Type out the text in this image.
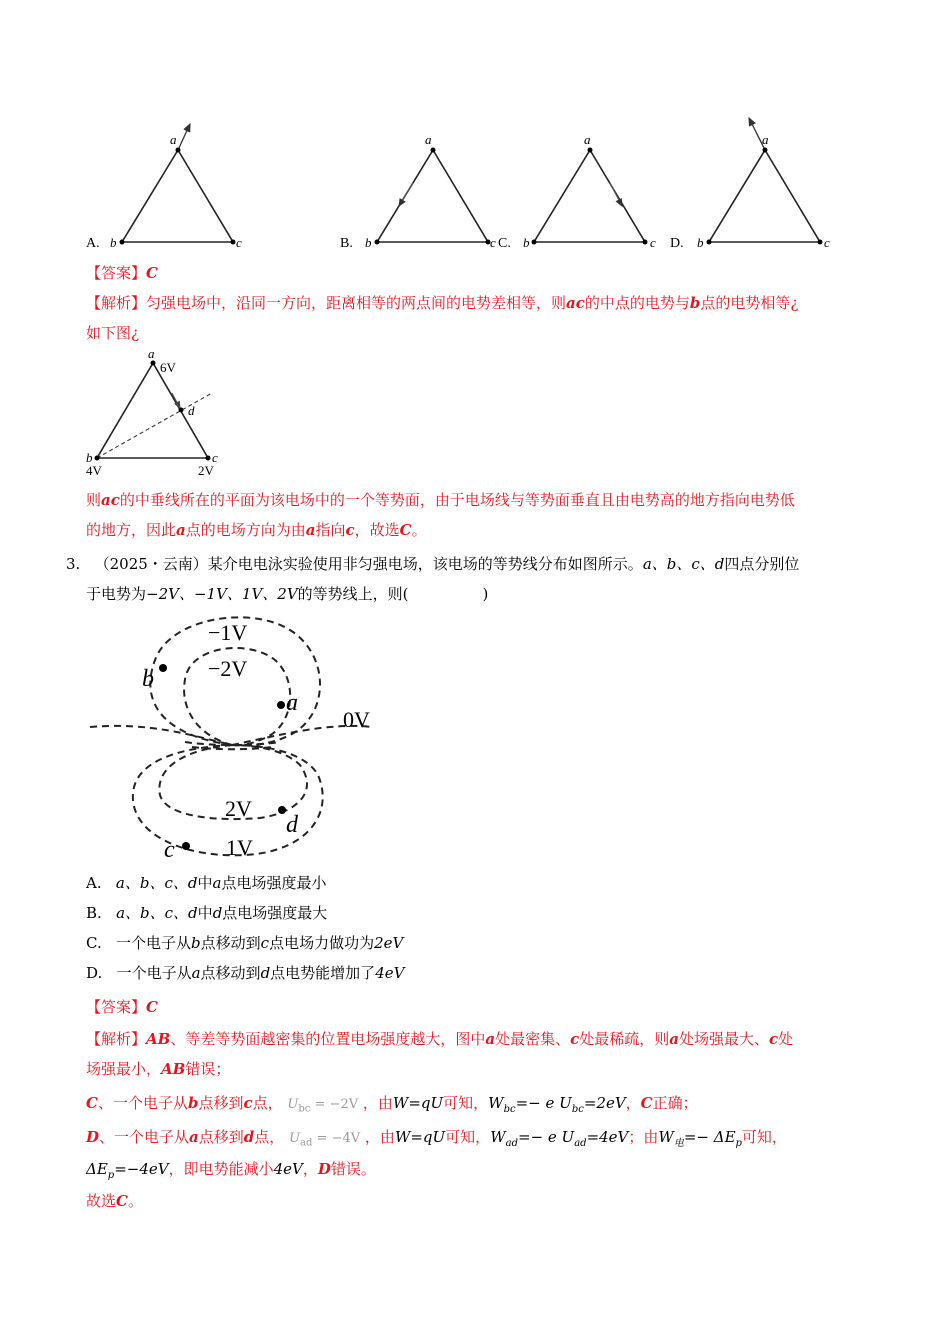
a
b	c
A.
a
b	c
B.
a
b	c
C.
a
b	c
D.
【答案】C
【解析】匀强电场中，沿同一方向，距离相等的两点间的电势差相等，则ac的中点的电势与b点的电势相等¿
如下图¿
a
6V
d
b
4V
c
2V
则ac的中垂线所在的平面为该电场中的一个等势面，由于电场线与等势面垂直且由电势高的地方指向电势低
的地方，因此a点的电场方向为由a指向c，故选C。
3. （2025・云南）某介电电泳实验使用非匀强电场，该电场的等势线分布如图所示。a、b、c、d四点分别位
于电势为−2V、−1V、1V、2V的等势线上，则(	)
−1V
−2V
0V
2V
1V
a
b
c
d
A. a、b、c、d中a点电场强度最小
B. a、b、c、d中d点电场强度最大
C. 一个电子从b点移动到c点电场力做功为2eV
D. 一个电子从a点移动到d点电势能增加了4eV
【答案】C
【解析】AB、等差等势面越密集的位置电场强度越大，图中a处最密集、c处最稀疏，则a处场强最大、c处
场强最小，AB错误；
C、一个电子从b点移到c点， $U_{bc} = -2V$ ，由W=qU可知，$W_{bc}=- e$ $U_{bc}=2eV$，C正确；
D、一个电子从a点移到d点， $U_{ad} = -4V$ ，由W=qU可知，$W_{ad}=- e$ $U_{ad}=4eV$；由$W_电=- \Delta E_p$可知，
$\Delta E_p=-4eV$，即电势能减小4eV，D错误。
故选C。
